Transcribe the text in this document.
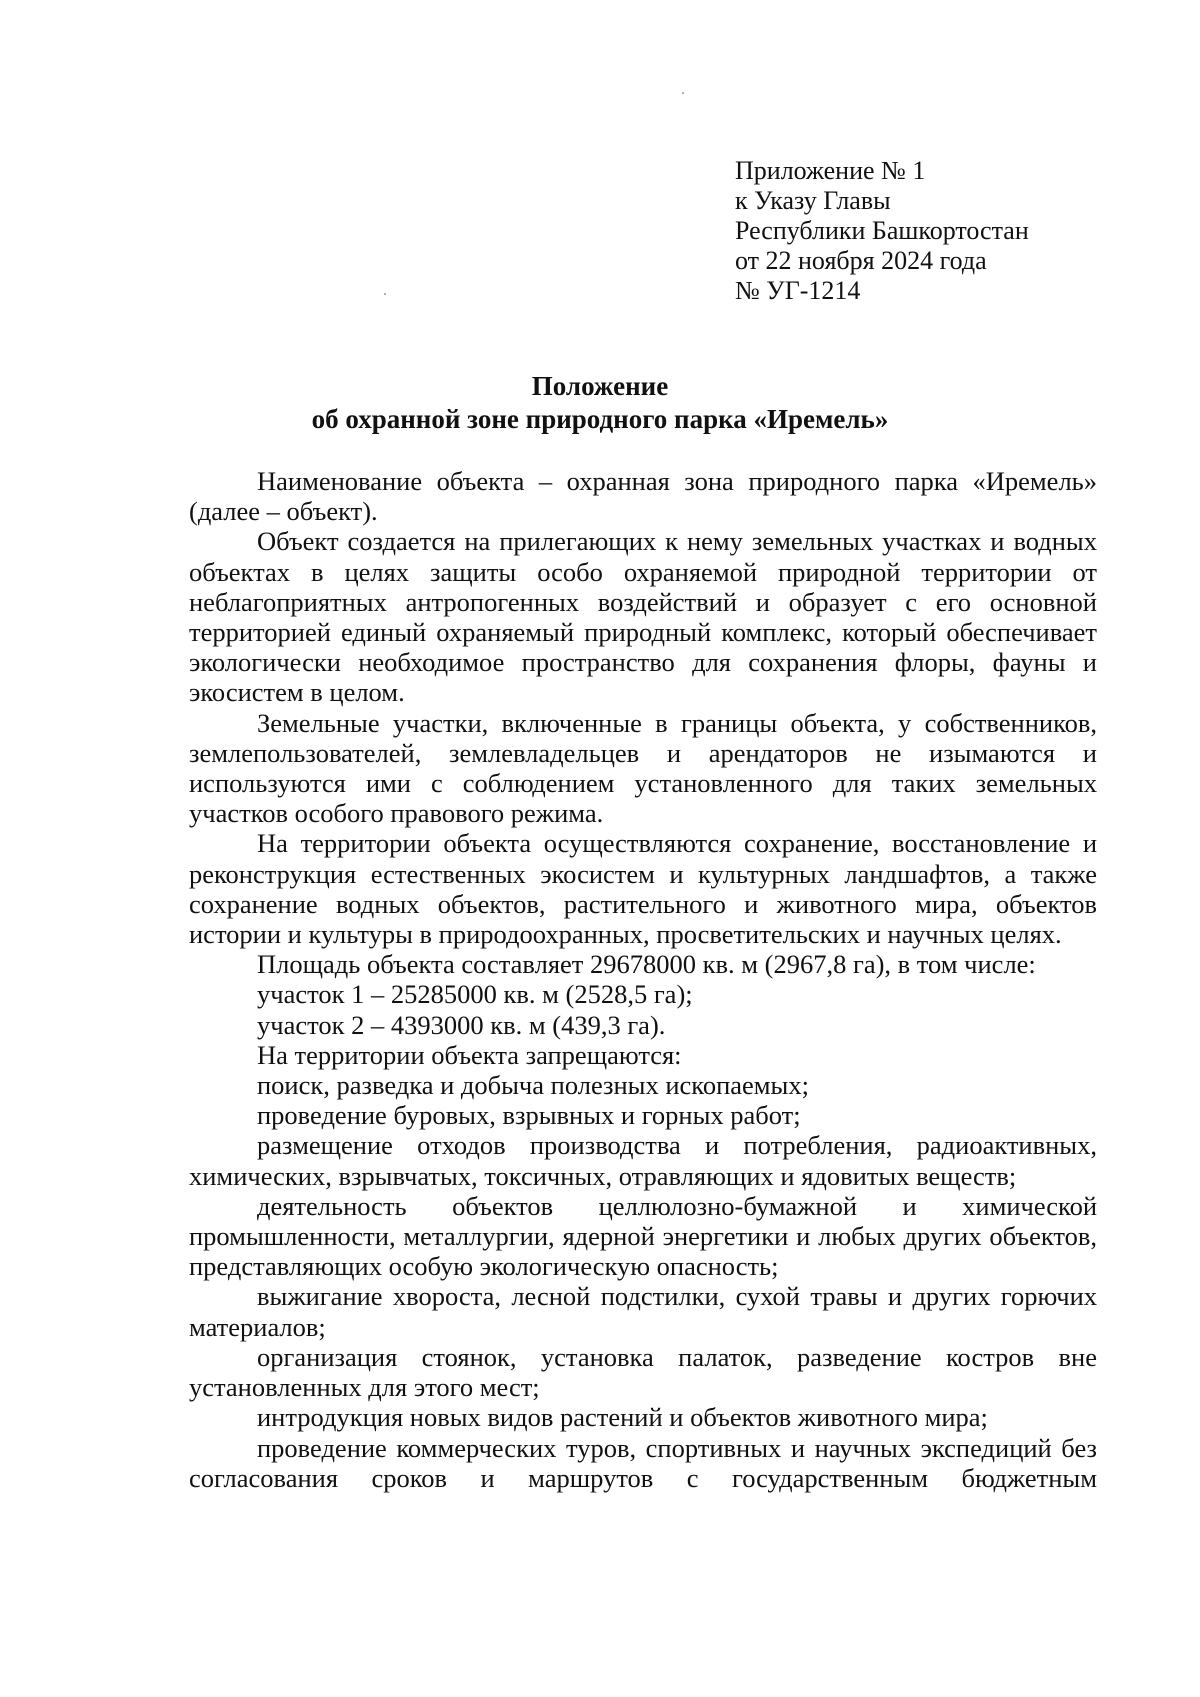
Приложение № 1
к Указу Главы
Республики Башкортостан
от 22 ноября 2024 года
№ УГ-1214
Положение
об охранной зоне природного парка «Иремель»

Наименование объекта – охранная зона природного парка «Иремель» (далее – объект).

Объект создается на прилегающих к нему земельных участках и водных объектах в целях защиты особо охраняемой природной территории от неблагоприятных антропогенных воздействий и образует с его основной территорией единый охраняемый природный комплекс, который обеспечивает экологически необходимое пространство для сохранения флоры, фауны и экосистем в целом.

Земельные участки, включенные в границы объекта, у собственников, землепользователей, землевладельцев и арендаторов не изымаются и используются ими с соблюдением установленного для таких земельных участков особого правового режима.

На территории объекта осуществляются сохранение, восстановление и реконструкция естественных экосистем и культурных ландшафтов, а также сохранение водных объектов, растительного и животного мира, объектов истории и культуры в природоохранных, просветительских и научных целях.

Площадь объекта составляет 29678000 кв. м (2967,8 га), в том числе:

участок 1 – 25285000 кв. м (2528,5 га);

участок 2 – 4393000 кв. м (439,3 га).

На территории объекта запрещаются:

поиск, разведка и добыча полезных ископаемых;

проведение буровых, взрывных и горных работ;

размещение отходов производства и потребления, радиоактивных, химических, взрывчатых, токсичных, отравляющих и ядовитых веществ;

деятельность объектов целлюлозно-бумажной и химической промышленности, металлургии, ядерной энергетики и любых других объектов, представляющих особую экологическую опасность;

выжигание хвороста, лесной подстилки, сухой травы и других горючих материалов;

организация стоянок, установка палаток, разведение костров вне установленных для этого мест;

интродукция новых видов растений и объектов животного мира;

проведение коммерческих туров, спортивных и научных экспедиций без согласования сроков и маршрутов с государственным бюджетным
